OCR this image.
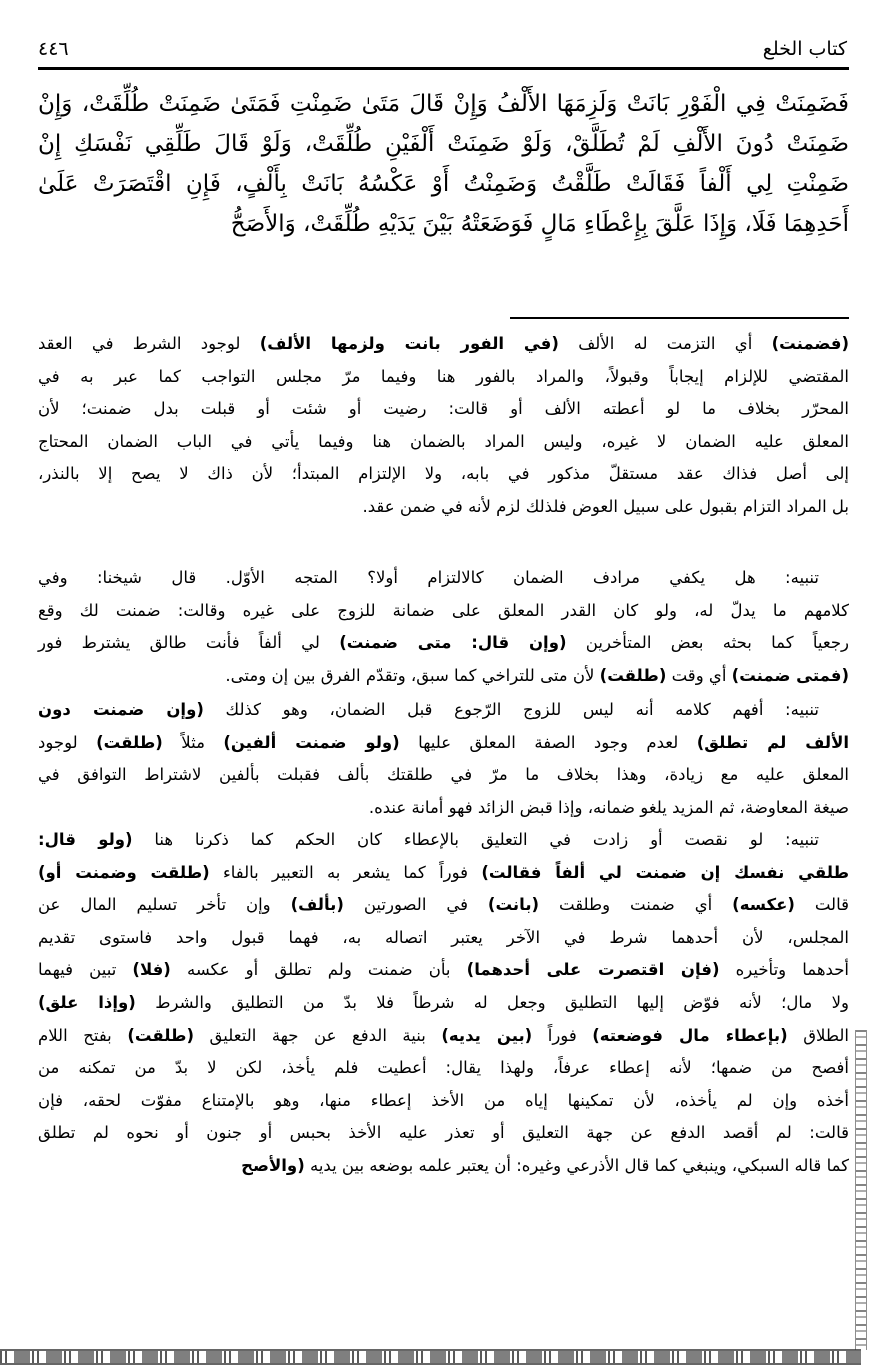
٤٤٦	كتاب الخلع
فَضَمِنَتْ فِي الْفَوْرِ بَانَتْ وَلَزِمَهَا الأَلْفُ وَإِنْ قَالَ مَتَىٰ ضَمِنْتِ فَمَتَىٰ ضَمِنَتْ طُلِّقَتْ، وَإِنْ
ضَمِنَتْ دُونَ الأَلْفِ لَمْ تُطَلَّقْ، وَلَوْ ضَمِنَتْ أَلْفَيْنِ طُلِّقَتْ، وَلَوْ قَالَ طَلِّقِي نَفْسَكِ إِنْ
ضَمِنْتِ لِي أَلْفاً فَقَالَتْ طَلَّقْتُ وَضَمِنْتُ أَوْ عَكْسُهُ بَانَتْ بِأَلْفٍ، فَإِنِ اقْتَصَرَتْ عَلَىٰ
أَحَدِهِمَا فَلَا، وَإِذَا عَلَّقَ بِإِعْطَاءِ مَالٍ فَوَضَعَتْهُ بَيْنَ يَدَيْهِ طُلِّقَتْ، وَالأَصَحُّ
(فضمنت) أي التزمت له الألف (في الفور بانت ولزمها الألف) لوجود الشرط في العقد
المقتضي للإلزام إيجاباً وقبولاً، والمراد بالفور هنا وفيما مرّ مجلس التواجب كما عبر به في
المحرّر بخلاف ما لو أعطته الألف أو قالت: رضيت أو شئت أو قبلت بدل ضمنت؛ لأن
المعلق عليه الضمان لا غيره، وليس المراد بالضمان هنا وفيما يأتي في الباب الضمان المحتاج
إلى أصل فذاك عقد مستقلّ مذكور في بابه، ولا الإلتزام المبتدأ؛ لأن ذاك لا يصح إلا بالنذر،
بل المراد التزام بقبول على سبيل العوض فلذلك لزم لأنه في ضمن عقد.
تنبيه: هل يكفي مرادف الضمان كالالتزام أولا؟ المتجه الأوّل. قال شيخنا: وفي
كلامهم ما يدلّ له، ولو كان القدر المعلق على ضمانة للزوج على غيره وقالت: ضمنت لك وقع
رجعياً كما بحثه بعض المتأخرين (وإن قال: متى ضمنت) لي ألفاً فأنت طالق يشترط فور
(فمتى ضمنت) أي وقت (طلقت) لأن متى للتراخي كما سبق، وتقدّم الفرق بين إن ومتى.
تنبيه: أفهم كلامه أنه ليس للزوج الرّجوع قبل الضمان، وهو كذلك (وإن ضمنت دون
الألف لم تطلق) لعدم وجود الصفة المعلق عليها (ولو ضمنت ألفين) مثلاً (طلقت) لوجود
المعلق عليه مع زيادة، وهذا بخلاف ما مرّ في طلقتك بألف فقبلت بألفين لاشتراط التوافق في
صيغة المعاوضة، ثم المزيد يلغو ضمانه، وإذا قبض الزائد فهو أمانة عنده.
تنبيه: لو نقصت أو زادت في التعليق بالإعطاء كان الحكم كما ذكرنا هنا (ولو قال:
طلقي نفسك إن ضمنت لي ألفاً فقالت) فوراً كما يشعر به التعبير بالفاء (طلقت وضمنت أو)
قالت (عكسه) أي ضمنت وطلقت (بانت) في الصورتين (بألف) وإن تأخر تسليم المال عن
المجلس، لأن أحدهما شرط في الآخر يعتبر اتصاله به، فهما قبول واحد فاستوى تقديم
أحدهما وتأخيره (فإن اقتصرت على أحدهما) بأن ضمنت ولم تطلق أو عكسه (فلا) تبين فيهما
ولا مال؛ لأنه فوّض إليها التطليق وجعل له شرطاً فلا بدّ من التطليق والشرط (وإذا علق)
الطلاق (بإعطاء مال فوضعته) فوراً (بين يديه) بنية الدفع عن جهة التعليق (طلقت) بفتح اللام
أفصح من ضمها؛ لأنه إعطاء عرفاً، ولهذا يقال: أعطيت فلم يأخذ، لكن لا بدّ من تمكنه من
أخذه وإن لم يأخذه، لأن تمكينها إياه من الأخذ إعطاء منها، وهو بالإمتناع مفوّت لحقه، فإن
قالت: لم أقصد الدفع عن جهة التعليق أو تعذر عليه الأخذ بحبس أو جنون أو نحوه لم تطلق
كما قاله السبكي، وينبغي كما قال الأذرعي وغيره: أن يعتبر علمه بوضعه بين يديه (والأصح
